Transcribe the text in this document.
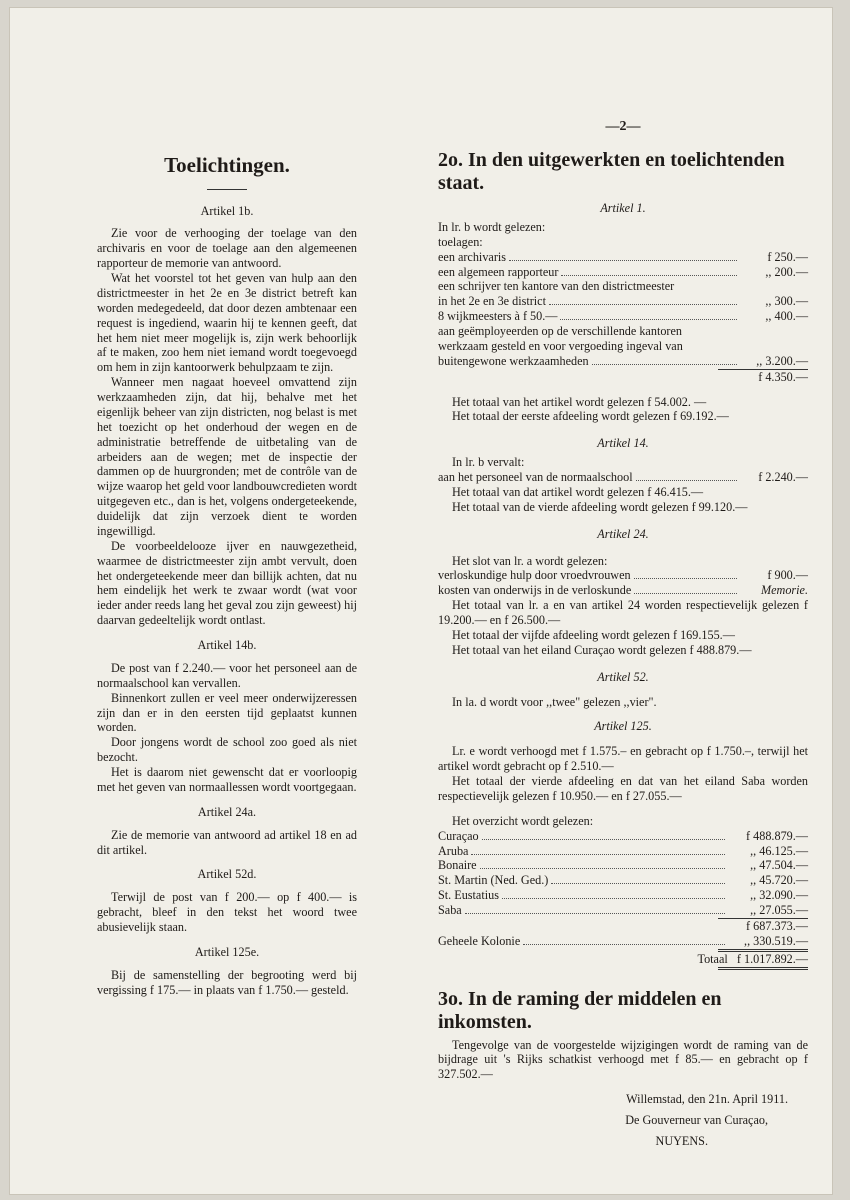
Toelichtingen.
Artikel 1b.

Zie voor de verhooging der toelage van den archivaris en voor de toelage aan den algemeenen rapporteur de memorie van antwoord.

Wat het voorstel tot het geven van hulp aan den districtmeester in het 2e en 3e district betreft kan worden medegedeeld, dat door dezen ambtenaar een request is ingediend, waarin hij te kennen geeft, dat het hem niet meer mogelijk is, zijn werk behoorlijk af te maken, zoo hem niet iemand wordt toegevoegd om hem in zijn kantoorwerk behulpzaam te zijn.

Wanneer men nagaat hoeveel omvattend zijn werkzaamheden zijn, dat hij, behalve met het eigenlijk beheer van zijn districten, nog belast is met het toezicht op het onderhoud der wegen en de administratie betreffende de uitbetaling van de arbeiders aan de wegen; met de inspectie der dammen op de huurgronden; met de contrôle van de wijze waarop het geld voor landbouwcredieten wordt uitgegeven etc., dan is het, volgens ondergeteekende, duidelijk dat zijn verzoek dient te worden ingewilligd.

De voorbeeldelooze ijver en nauwgezetheid, waarmee de districtmeester zijn ambt vervult, doen het ondergeteekende meer dan billijk achten, dat nu hem eindelijk het werk te zwaar wordt (wat voor ieder ander reeds lang het geval zou zijn geweest) hij daarvan gedeeltelijk wordt ontlast.

Artikel 14b.

De post van f 2.240.— voor het personeel aan de normaalschool kan vervallen.

Binnenkort zullen er veel meer onderwijzeressen zijn dan er in den eersten tijd geplaatst kunnen worden.

Door jongens wordt de school zoo goed als niet bezocht.

Het is daarom niet gewenscht dat er voorloopig met het geven van normaallessen wordt voortgegaan.

Artikel 24a.

Zie de memorie van antwoord ad artikel 18 en ad dit artikel.

Artikel 52d.

Terwijl de post van f 200.— op f 400.— is gebracht, bleef in den tekst het woord twee abusievelijk staan.

Artikel 125e.

Bij de samenstelling der begrooting werd bij vergissing f 175.— in plaats van f 1.750.— gesteld.

—2—
2o. In den uitgewerkten en toelichtenden staat.
Artikel 1.

In lr. b wordt gelezen:

toelagen:

een archivaris	f 250.—
een algemeen rapporteur	,, 200.—

een schrijver ten kantore van den districtmeester

in het 2e en 3e district	,, 300.—
8 wijkmeesters à f 50.—	,, 400.—

aan geëmployeerden op de verschillende kantoren

werkzaam gesteld en voor vergoeding ingeval van

buitengewone werkzaamheden	,, 3.200.—
f 4.350.—

Het totaal van het artikel wordt gelezen f 54.002. —

Het totaal der eerste afdeeling wordt gelezen f 69.192.—

Artikel 14.

In lr. b vervalt:

aan het personeel van de normaalschool	f 2.240.—

Het totaal van dat artikel wordt gelezen f 46.415.—

Het totaal van de vierde afdeeling wordt gelezen f 99.120.—

Artikel 24.

Het slot van lr. a wordt gelezen:

verloskundige hulp door vroedvrouwen	f 900.—
kosten van onderwijs in de verloskunde	Memorie.

Het totaal van lr. a en van artikel 24 worden respectievelijk gelezen f 19.200.— en f 26.500.—

Het totaal der vijfde afdeeling wordt gelezen f 169.155.—

Het totaal van het eiland Curaçao wordt gelezen f 488.879.—

Artikel 52.

In la. d wordt voor ,,twee" gelezen ,,vier".

Artikel 125.

Lr. e wordt verhoogd met f 1.575.– en gebracht op f 1.750.–, terwijl het artikel wordt gebracht op f 2.510.—

Het totaal der vierde afdeeling en dat van het eiland Saba worden respectievelijk gelezen f 10.950.— en f 27.055.—

Het overzicht wordt gelezen:

Curaçao	f 488.879.—
Aruba	,, 46.125.—
Bonaire	,, 47.504.—
St. Martin (Ned. Ged.)	,, 45.720.—
St. Eustatius	,, 32.090.—
Saba	,, 27.055.—
f 687.373.—
Geheele Kolonie	,, 330.519.—
Totaal f 1.017.892.—
3o. In de raming der middelen en inkomsten.

Tengevolge van de voorgestelde wijzigingen wordt de raming van de bijdrage uit 's Rijks schatkist verhoogd met f 85.— en gebracht op f 327.502.—

Willemstad, den 21n. April 1911.
De Gouverneur van Curaçao,
NUYENS.
